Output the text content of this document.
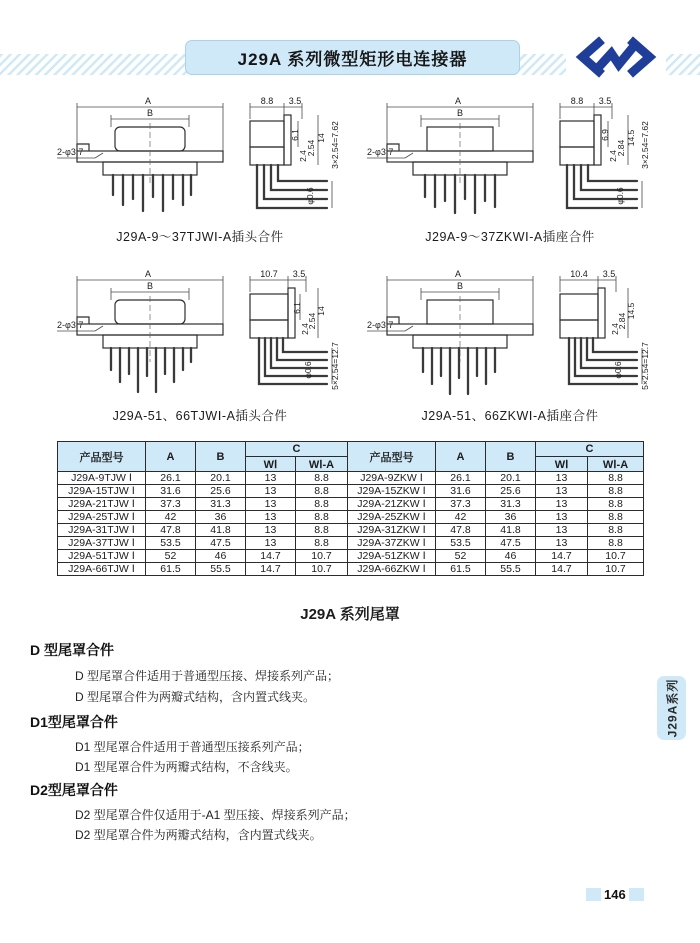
J29A 系列微型矩形电连接器
A
B
2-φ3.7
8.8 3.5
6.1
2.4
2.54
14 3×2.54=7.62
φ0.6
J29A-9～37TJWⅠ-A插头合件
A
B
2-φ3.7
8.8 3.5
6.9
2.4
2.84
14.5 3×2.54=7.62
φ0.6
J29A-9～37ZKWⅠ-A插座合件
A
B
2-φ3.7
10.7 3.5
6.1
2.4
2.54
14
5×2.54=12.7
φ0.6
J29A-51、66TJWⅠ-A插头合件
A
B
2-φ3.7
10.4 3.5
2.4
2.84
14.5
5×2.54=12.7
φ0.6
J29A-51、66ZKWⅠ-A插座合件
产品型号	A	B	C		产品型号	A	B	C	
			WⅠ	WⅠ-A				WⅠ	WⅠ-A
J29A-9TJW Ⅰ	26.1	20.1	13	8.8	J29A-9ZKW Ⅰ	26.1	20.1	13	8.8
J29A-15TJW Ⅰ	31.6	25.6	13	8.8	J29A-15ZKW Ⅰ	31.6	25.6	13	8.8
J29A-21TJW Ⅰ	37.3	31.3	13	8.8	J29A-21ZKW Ⅰ	37.3	31.3	13	8.8
J29A-25TJW Ⅰ	42	36	13	8.8	J29A-25ZKW Ⅰ	42	36	13	8.8
J29A-31TJW Ⅰ	47.8	41.8	13	8.8	J29A-31ZKW Ⅰ	47.8	41.8	13	8.8
J29A-37TJW Ⅰ	53.5	47.5	13	8.8	J29A-37ZKW Ⅰ	53.5	47.5	13	8.8
J29A-51TJW Ⅰ	52	46	14.7	10.7	J29A-51ZKW Ⅰ	52	46	14.7	10.7
J29A-66TJW Ⅰ	61.5	55.5	14.7	10.7	J29A-66ZKW Ⅰ	61.5	55.5	14.7	10.7
J29A 系列尾罩
D 型尾罩合件
D 型尾罩合件适用于普通型压接、焊接系列产品；
D 型尾罩合件为两瓣式结构，含内置式线夹。
D1型尾罩合件
D1 型尾罩合件适用于普通型压接系列产品；
D1 型尾罩合件为两瓣式结构，不含线夹。
D2型尾罩合件
D2 型尾罩合件仅适用于-A1 型压接、焊接系列产品；
D2 型尾罩合件为两瓣式结构，含内置式线夹。
J29A系列
146
